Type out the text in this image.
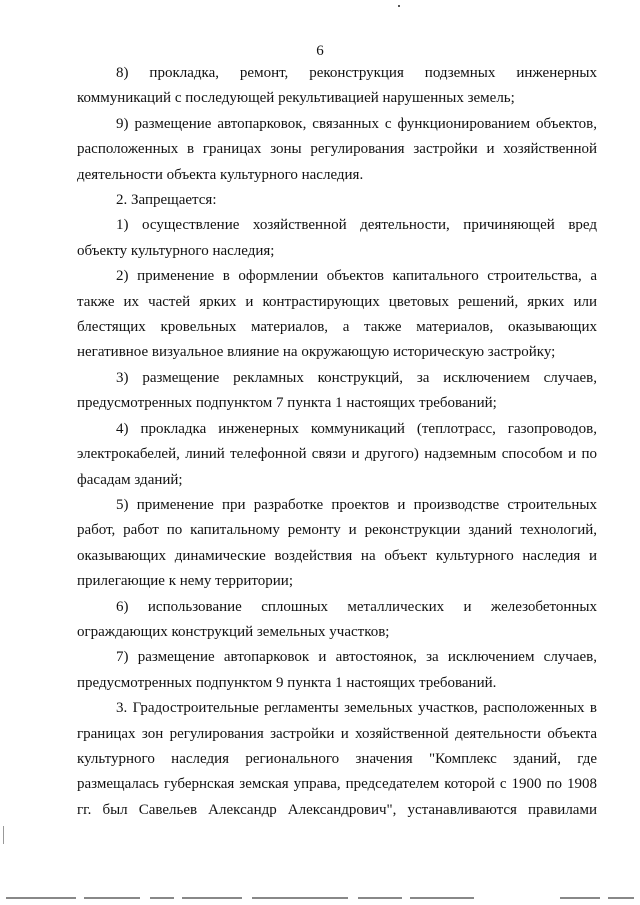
6

8) прокладка, ремонт, реконструкция подземных инженерных коммуникаций с последующей рекультивацией нарушенных земель;

9) размещение автопарковок, связанных с функционированием объектов, расположенных в границах зоны регулирования застройки и хозяйственной деятельности объекта культурного наследия.

2. Запрещается:

1) осуществление хозяйственной деятельности, причиняющей вред объекту культурного наследия;

2) применение в оформлении объектов капитального строительства, а также их частей ярких и контрастирующих цветовых решений, ярких или блестящих кровельных материалов, а также материалов, оказывающих негативное визуальное влияние на окружающую историческую застройку;

3) размещение рекламных конструкций, за исключением случаев, предусмотренных подпунктом 7 пункта 1 настоящих требований;

4) прокладка инженерных коммуникаций (теплотрасс, газопроводов, электрокабелей, линий телефонной связи и другого) надземным способом и по фасадам зданий;

5) применение при разработке проектов и производстве строительных работ, работ по капитальному ремонту и реконструкции зданий технологий, оказывающих динамические воздействия на объект культурного наследия и прилегающие к нему территории;

6) использование сплошных металлических и железобетонных ограждающих конструкций земельных участков;

7) размещение автопарковок и автостоянок, за исключением случаев, предусмотренных подпунктом 9 пункта 1 настоящих требований.

3. Градостроительные регламенты земельных участков, расположенных в границах зон регулирования застройки и хозяйственной деятельности объекта культурного наследия регионального значения "Комплекс зданий, где размещалась губернская земская управа, председателем которой с 1900 по 1908 гг. был Савельев Александр Александрович", устанавливаются правилами
